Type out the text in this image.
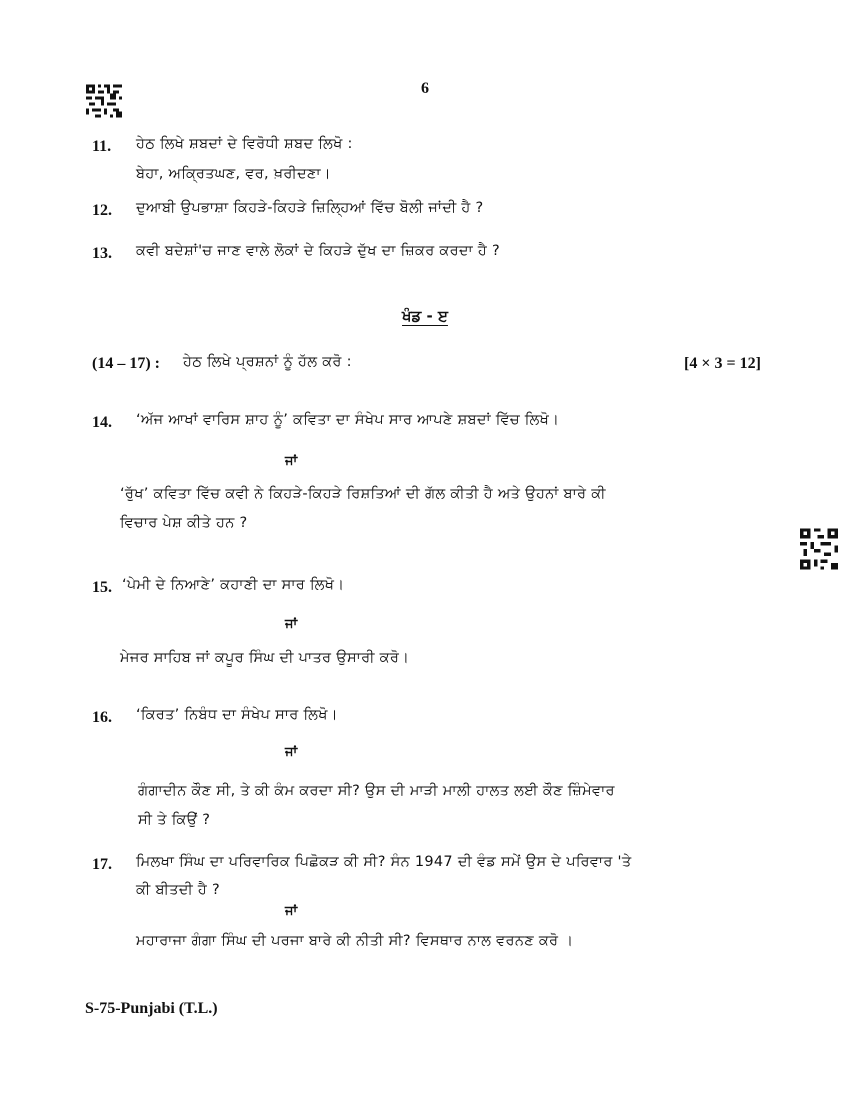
6
11. ਹੇਠ ਲਿਖੇ ਸ਼ਬਦਾਂ ਦੇ ਵਿਰੋਧੀ ਸ਼ਬਦ ਲਿਖੋ :
ਬੇਹਾ, ਅਕ੍ਰਿਤਘਣ, ਵਰ, ਖ਼ਰੀਦਣਾ।
12. ਦੁਆਬੀ ਉਪਭਾਸ਼ਾ ਕਿਹੜੇ-ਕਿਹੜੇ ਜ਼ਿਲ੍ਹਿਆਂ ਵਿੱਚ ਬੋਲੀ ਜਾਂਦੀ ਹੈ ?
13. ਕਵੀ ਬਦੇਸ਼ਾਂ'ਚ ਜਾਣ ਵਾਲੇ ਲੋਕਾਂ ਦੇ ਕਿਹੜੇ ਦੁੱਖ ਦਾ ਜ਼ਿਕਰ ਕਰਦਾ ਹੈ ?
ਖੰਡ - ੲ
(14 – 17) : ਹੇਠ ਲਿਖੇ ਪ੍ਰਸ਼ਨਾਂ ਨੂੰ ਹੱਲ ਕਰੋ :	[4 × 3 = 12]
14. ‘ਅੱਜ ਆਖਾਂ ਵਾਰਿਸ ਸ਼ਾਹ ਨੂੰ’ ਕਵਿਤਾ ਦਾ ਸੰਖੇਪ ਸਾਰ ਆਪਣੇ ਸ਼ਬਦਾਂ ਵਿੱਚ ਲਿਖੋ।
ਜਾਂ
‘ਰੁੱਖ’ ਕਵਿਤਾ ਵਿੱਚ ਕਵੀ ਨੇ ਕਿਹੜੇ-ਕਿਹੜੇ ਰਿਸ਼ਤਿਆਂ ਦੀ ਗੱਲ ਕੀਤੀ ਹੈ ਅਤੇ ਉਹਨਾਂ ਬਾਰੇ ਕੀ
ਵਿਚਾਰ ਪੇਸ਼ ਕੀਤੇ ਹਨ ?
15. ‘ਪੇਮੀ ਦੇ ਨਿਆਣੇ’ ਕਹਾਣੀ ਦਾ ਸਾਰ ਲਿਖੋ।
ਜਾਂ
ਮੇਜਰ ਸਾਹਿਬ ਜਾਂ ਕਪੂਰ ਸਿੰਘ ਦੀ ਪਾਤਰ ਉਸਾਰੀ ਕਰੋ।
16. ‘ਕਿਰਤ’ ਨਿਬੰਧ ਦਾ ਸੰਖੇਪ ਸਾਰ ਲਿਖੋ।
ਜਾਂ
ਗੰਗਾਦੀਨ ਕੌਣ ਸੀ, ਤੇ ਕੀ ਕੰਮ ਕਰਦਾ ਸੀ? ਉਸ ਦੀ ਮਾੜੀ ਮਾਲੀ ਹਾਲਤ ਲਈ ਕੌਣ ਜ਼ਿੰਮੇਵਾਰ
ਸੀ ਤੇ ਕਿਉਂ ?
17. ਮਿਲਖਾ ਸਿੰਘ ਦਾ ਪਰਿਵਾਰਿਕ ਪਿਛੋਕੜ ਕੀ ਸੀ? ਸੰਨ 1947 ਦੀ ਵੰਡ ਸਮੇਂ ਉਸ ਦੇ ਪਰਿਵਾਰ 'ਤੇ
ਕੀ ਬੀਤਦੀ ਹੈ ?
ਜਾਂ
ਮਹਾਰਾਜਾ ਗੰਗਾ ਸਿੰਘ ਦੀ ਪਰਜਾ ਬਾਰੇ ਕੀ ਨੀਤੀ ਸੀ? ਵਿਸਥਾਰ ਨਾਲ ਵਰਨਣ ਕਰੋ ।
S-75-Punjabi (T.L.)
